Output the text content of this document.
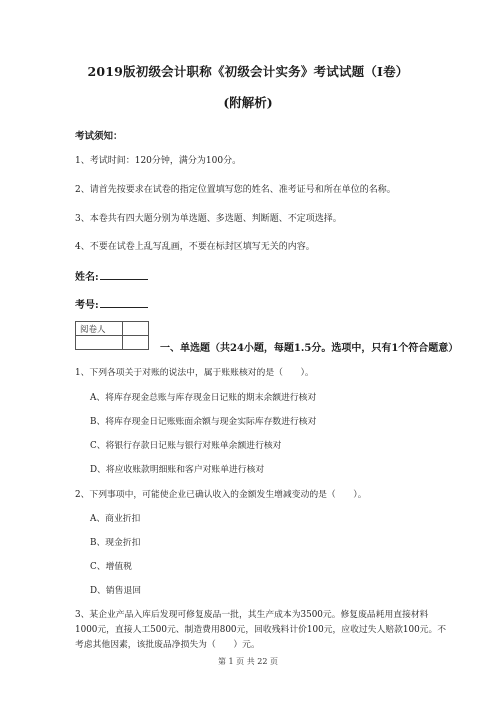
2019版初级会计职称《初级会计实务》考试试题（I卷）
(附解析)
考试须知：
1、考试时间：120分钟，满分为100分。
2、请首先按要求在试卷的指定位置填写您的姓名、准考证号和所在单位的名称。
3、本卷共有四大题分别为单选题、多选题、判断题、不定项选择。
4、不要在试卷上乱写乱画，不要在标封区填写无关的内容。
姓名:
考号:
阅卷人
一、单选题（共24小题，每题1.5分。选项中，只有1个符合题意）
1、下列各项关于对账的说法中，属于账账核对的是（　　）。
A、将库存现金总账与库存现金日记账的期末余额进行核对
B、将库存现金日记账账面余额与现金实际库存数进行核对
C、将银行存款日记账与银行对账单余额进行核对
D、将应收账款明细账和客户对账单进行核对
2、下列事项中，可能使企业已确认收入的金额发生增减变动的是（　　）。
A、商业折扣
B、现金折扣
C、增值税
D、销售退回
3、某企业产品入库后发现可修复废品一批，其生产成本为3500元。修复废品耗用直接材料
1000元，直接人工500元、制造费用800元，回收残料计价100元，应收过失人赔款100元。不
考虑其他因素，该批废品净损失为（　　）元。
第 1 页 共 22 页
